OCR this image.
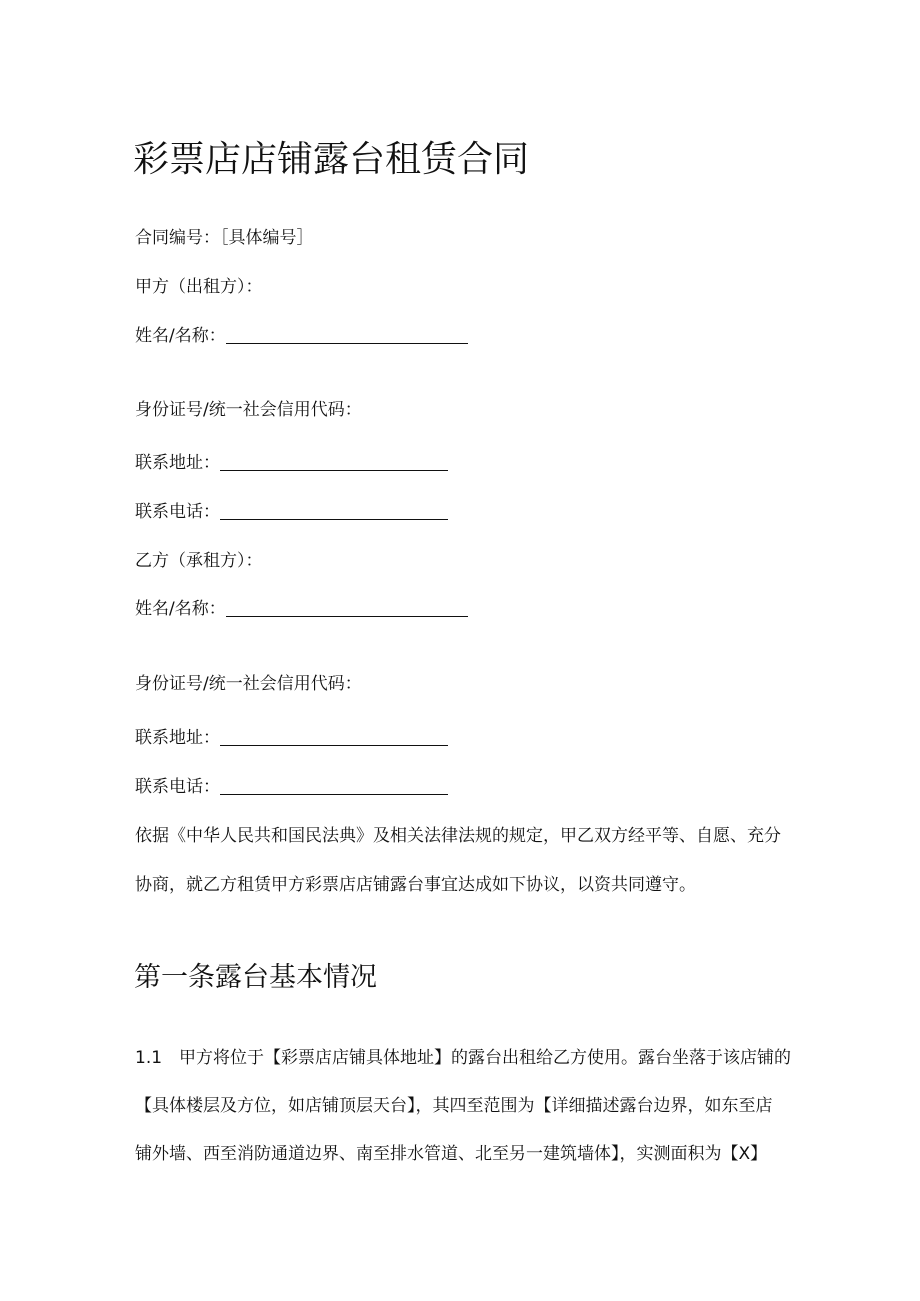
彩票店店铺露台租赁合同
合同编号：［具体编号］
甲方（出租方）：
姓名/名称：
身份证号/统一社会信用代码：
联系地址：
联系电话：
乙方（承租方）：
姓名/名称：
身份证号/统一社会信用代码：
联系地址：
联系电话：
依据《中华人民共和国民法典》及相关法律法规的规定，甲乙双方经平等、自愿、充分
协商，就乙方租赁甲方彩票店店铺露台事宜达成如下协议，以资共同遵守。
第一条露台基本情况
1.1　甲方将位于【彩票店店铺具体地址】的露台出租给乙方使用。露台坐落于该店铺的
【具体楼层及方位，如店铺顶层天台】，其四至范围为【详细描述露台边界，如东至店
铺外墙、西至消防通道边界、南至排水管道、北至另一建筑墙体】，实测面积为【X】
